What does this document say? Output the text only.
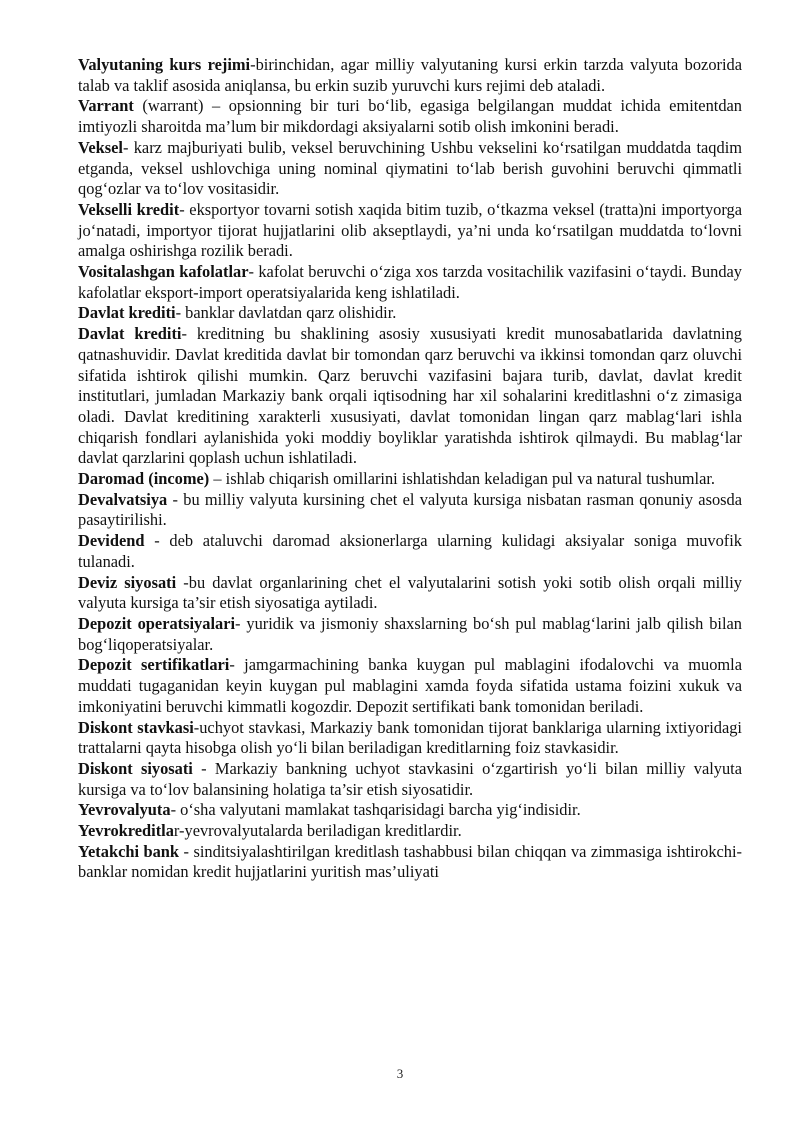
Valyutaning kurs rejimi-birinchidan, agar milliy valyutaning kursi erkin tarzda valyuta bozorida talab va taklif asosida aniqlansa, bu erkin suzib yuruvchi kurs rejimi deb ataladi.

Varrant (warrant) – opsionning bir turi bo‘lib, egasiga belgilangan muddat ichida emitentdan imtiyozli sharoitda ma’lum bir mikdordagi aksiyalarni sotib olish imkonini beradi.

Veksel- karz majburiyati bulib, veksel beruvchining Ushbu vekselini ko‘rsatilgan muddatda taqdim etganda, veksel ushlovchiga uning nominal qiymatini to‘lab berish guvohini beruvchi qimmatli qog‘ozlar va to‘lov vositasidir.

Vekselli kredit- eksportyor tovarni sotish xaqida bitim tuzib, o‘tkazma veksel (tratta)ni importyorga jo‘natadi, importyor tijorat hujjatlarini olib akseptlaydi, ya’ni unda ko‘rsatilgan muddatda to‘lovni amalga oshirishga rozilik beradi.

Vositalashgan kafolatlar- kafolat beruvchi o‘ziga xos tarzda vositachilik vazifasini o‘taydi. Bunday kafolatlar eksport-import operatsiyalarida keng ishlatiladi.

Davlat krediti- banklar davlatdan qarz olishidir.

Davlat krediti- kreditning bu shaklining asosiy xususiyati kredit munosabatlarida davlatning qatnashuvidir. Davlat kreditida davlat bir tomondan qarz beruvchi va ikkinsi tomondan qarz oluvchi sifatida ishtirok qilishi mumkin. Qarz beruvchi vazifasini bajara turib, davlat, davlat kredit institutlari, jumladan Markaziy bank orqali iqtisodning har xil sohalarini kreditlashni o‘z zimasiga oladi. Davlat kreditining xarakterli xususiyati, davlat tomonidan lingan qarz mablag‘lari ishla chiqarish fondlari aylanishida yoki moddiy boyliklar yaratishda ishtirok qilmaydi. Bu mablag‘lar davlat qarzlarini qoplash uchun ishlatiladi.

Daromad (income) – ishlab chiqarish omillarini ishlatishdan keladigan pul va natural tushumlar.

Devalvatsiya - bu milliy valyuta kursining chet el valyuta kursiga nisbatan rasman qonuniy asosda pasaytirilishi.

Devidend - deb ataluvchi daromad aksionerlarga ularning kulidagi aksiyalar soniga muvofik tulanadi.

Deviz siyosati -bu davlat organlarining chet el valyutalarini sotish yoki sotib olish orqali milliy valyuta kursiga ta’sir etish siyosatiga aytiladi.

Depozit operatsiyalari- yuridik va jismoniy shaxslarning bo‘sh pul mablag‘larini jalb qilish bilan bog‘liqoperatsiyalar.

Depozit sertifikatlari- jamgarmachining banka kuygan pul mablagini ifodalovchi va muomla muddati tugaganidan keyin kuygan pul mablagini xamda foyda sifatida ustama foizini xukuk va imkoniyatini beruvchi kimmatli kogozdir. Depozit sertifikati bank tomonidan beriladi.

Diskont stavkasi-uchyot stavkasi, Markaziy bank tomonidan tijorat banklariga ularning ixtiyoridagi trattalarni qayta hisobga olish yo‘li bilan beriladigan kreditlarning foiz stavkasidir.

Diskont siyosati - Markaziy bankning uchyot stavkasini o‘zgartirish yo‘li bilan milliy valyuta kursiga va to‘lov balansining holatiga ta’sir etish siyosatidir.

Yevrovalyuta- o‘sha valyutani mamlakat tashqarisidagi barcha yig‘indisidir.

Yevrokreditlar-yevrovalyutalarda beriladigan kreditlardir.

Yetakchi bank - sinditsiyalashtirilgan kreditlash tashabbusi bilan chiqqan va zimmasiga ishtirokchi-banklar nomidan kredit hujjatlarini yuritish mas’uliyati

3
